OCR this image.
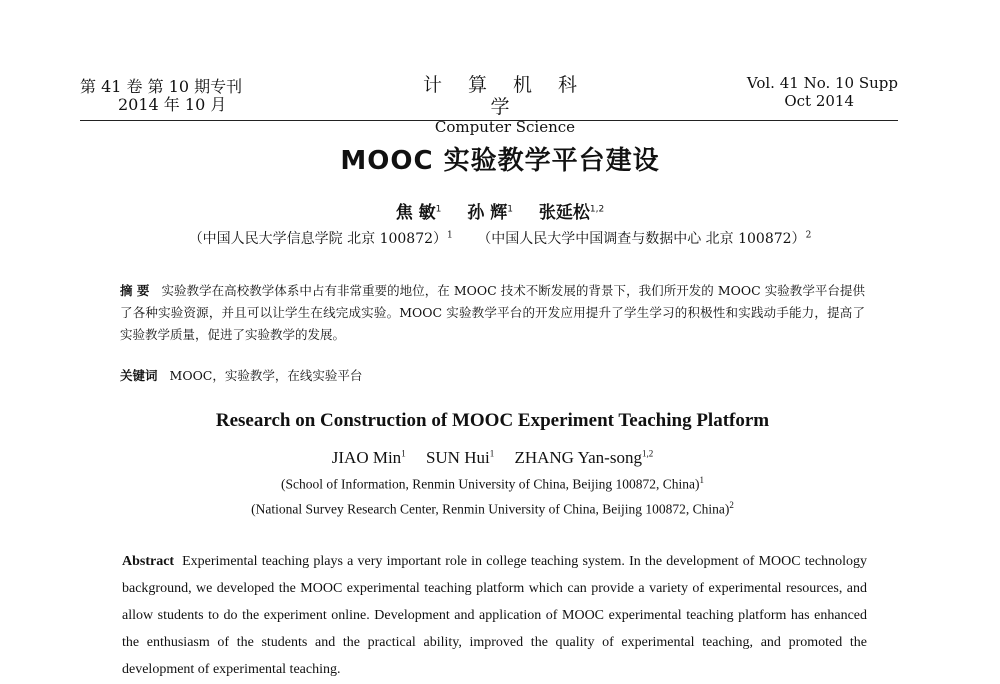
第 41 卷 第 10 期专刊
2014 年 10 月
计 算 机 科 学
Computer Science
Vol. 41 No. 10 Supp
Oct 2014
MOOC 实验教学平台建设
焦 敏$^1$ 孙 辉$^1$ 张延松$^{1,2}$
（中国人民大学信息学院 北京 100872）$^1$ （中国人民大学中国调查与数据中心 北京 100872）$^2$
摘 要 实验教学在高校教学体系中占有非常重要的地位，在 MOOC 技术不断发展的背景下，我们所开发的 MOOC 实验教学平台提供了各种实验资源，并且可以让学生在线完成实验。MOOC 实验教学平台的开发应用提升了学生学习的积极性和实践动手能力，提高了实验教学质量，促进了实验教学的发展。
关键词 MOOC，实验教学，在线实验平台
Research on Construction of MOOC Experiment Teaching Platform
JIAO Min$^1$ SUN Hui$^1$ ZHANG Yan-song$^{1,2}$
(School of Information, Renmin University of China, Beijing 100872, China)$^1$
(National Survey Research Center, Renmin University of China, Beijing 100872, China)$^2$
Abstract Experimental teaching plays a very important role in college teaching system. In the development of MOOC technology background, we developed the MOOC experimental teaching platform which can provide a variety of experimental resources, and allow students to do the experiment online. Development and application of MOOC experimental teaching platform has enhanced the enthusiasm of the students and the practical ability, improved the quality of experimental teaching, and promoted the development of experimental teaching.
